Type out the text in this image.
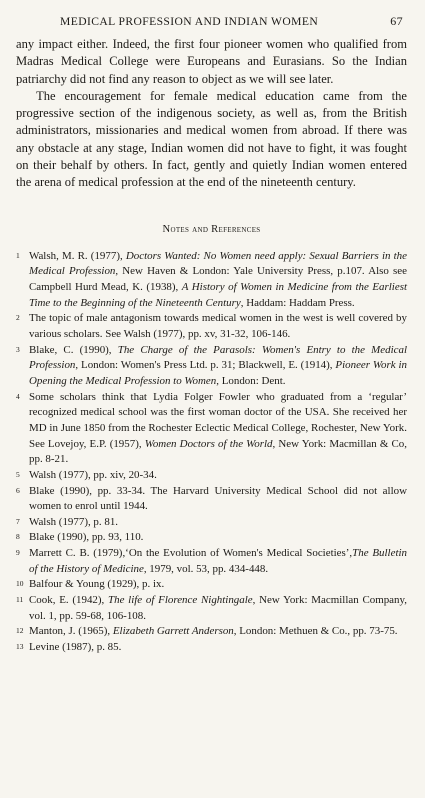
MEDICAL PROFESSION AND INDIAN WOMEN	67

any impact either. Indeed, the first four pioneer women who qualified from Madras Medical College were Europeans and Eurasians. So the Indian patriarchy did not find any reason to object as we will see later.

The encouragement for female medical education came from the progressive section of the indigenous society, as well as, from the British administrators, missionaries and medical women from abroad. If there was any obstacle at any stage, Indian women did not have to fight, it was fought on their behalf by others. In fact, gently and quietly Indian women entered the arena of medical profession at the end of the nineteenth century.

Notes and References
1 Walsh, M. R. (1977), Doctors Wanted: No Women need apply: Sexual Barriers in the Medical Profession, New Haven & London: Yale University Press, p.107. Also see Campbell Hurd Mead, K. (1938), A History of Women in Medicine from the Earliest Time to the Beginning of the Nineteenth Century, Haddam: Haddam Press.
2 The topic of male antagonism towards medical women in the west is well covered by various scholars. See Walsh (1977), pp. xv, 31-32, 106-146.
3 Blake, C. (1990), The Charge of the Parasols: Women's Entry to the Medical Profession, London: Women's Press Ltd. p. 31; Blackwell, E. (1914), Pioneer Work in Opening the Medical Profession to Women, London: Dent.
4 Some scholars think that Lydia Folger Fowler who graduated from a ‘regular’ recognized medical school was the first woman doctor of the USA. She received her MD in June 1850 from the Rochester Eclectic Medical College, Rochester, New York. See Lovejoy, E.P. (1957), Women Doctors of the World, New York: Macmillan & Co, pp. 8-21.
5 Walsh (1977), pp. xiv, 20-34.
6 Blake (1990), pp. 33-34. The Harvard University Medical School did not allow women to enrol until 1944.
7 Walsh (1977), p. 81.
8 Blake (1990), pp. 93, 110.
9 Marrett C. B. (1979),‘On the Evolution of Women's Medical Societies’,The Bulletin of the History of Medicine, 1979, vol. 53, pp. 434-448.
10 Balfour & Young (1929), p. ix.
11 Cook, E. (1942), The life of Florence Nightingale, New York: Macmillan Company, vol. 1, pp. 59-68, 106-108.
12 Manton, J. (1965), Elizabeth Garrett Anderson, London: Methuen & Co., pp. 73-75.
13 Levine (1987), p. 85.
